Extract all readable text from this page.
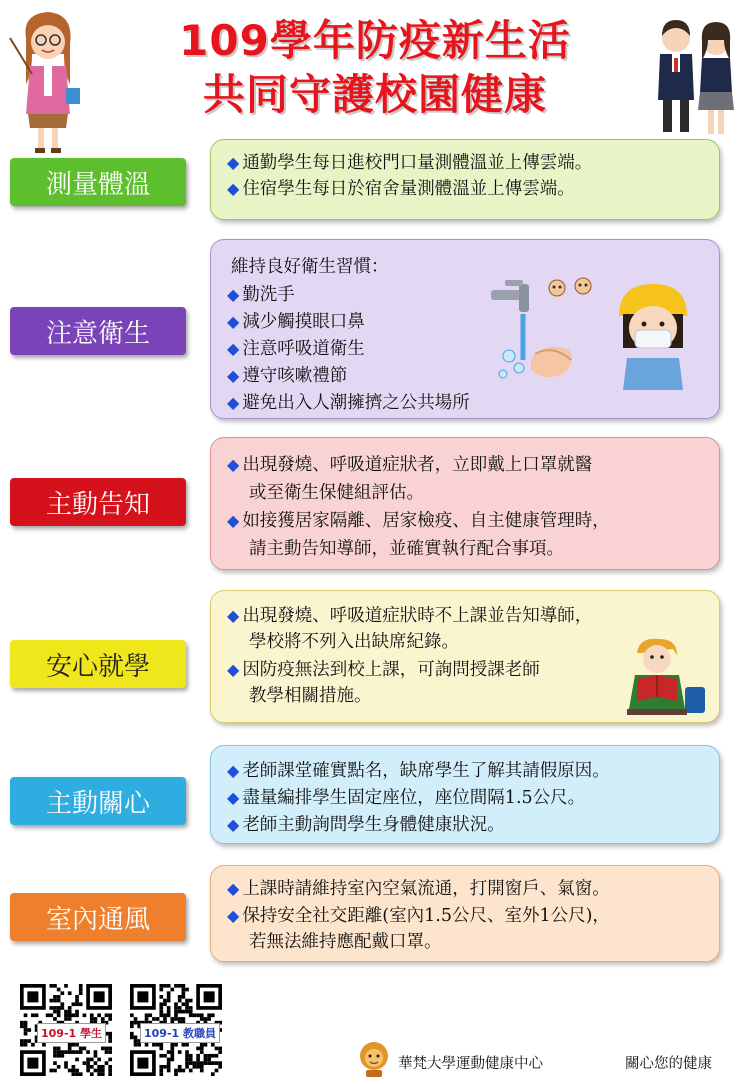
109學年防疫新生活
共同守護校園健康
測量體溫
◆ 通勤學生每日進校門口量測體溫並上傳雲端。
◆ 住宿學生每日於宿舍量測體溫並上傳雲端。
注意衛生
維持良好衛生習慣：
◆ 勤洗手
◆ 減少觸摸眼口鼻
◆ 注意呼吸道衛生
◆ 遵守咳嗽禮節
◆ 避免出入人潮擁擠之公共場所
主動告知
◆ 出現發燒、呼吸道症狀者，立即戴上口罩就醫
或至衛生保健組評估。
◆ 如接獲居家隔離、居家檢疫、自主健康管理時，
請主動告知導師，並確實執行配合事項。
安心就學
◆ 出現發燒、呼吸道症狀時不上課並告知導師，
學校將不列入出缺席紀錄。
◆ 因防疫無法到校上課，可詢問授課老師
教學相關措施。
主動關心
◆ 老師課堂確實點名，缺席學生了解其請假原因。
◆ 盡量編排學生固定座位，座位間隔1.5公尺。
◆ 老師主動詢問學生身體健康狀況。
室內通風
◆ 上課時請維持室內空氣流通，打開窗戶、氣窗。
◆ 保持安全社交距離(室內1.5公尺、室外1公尺)，
若無法維持應配戴口罩。
109-1 學生	109-1 教職員
華梵大學運動健康中心	關心您的健康
